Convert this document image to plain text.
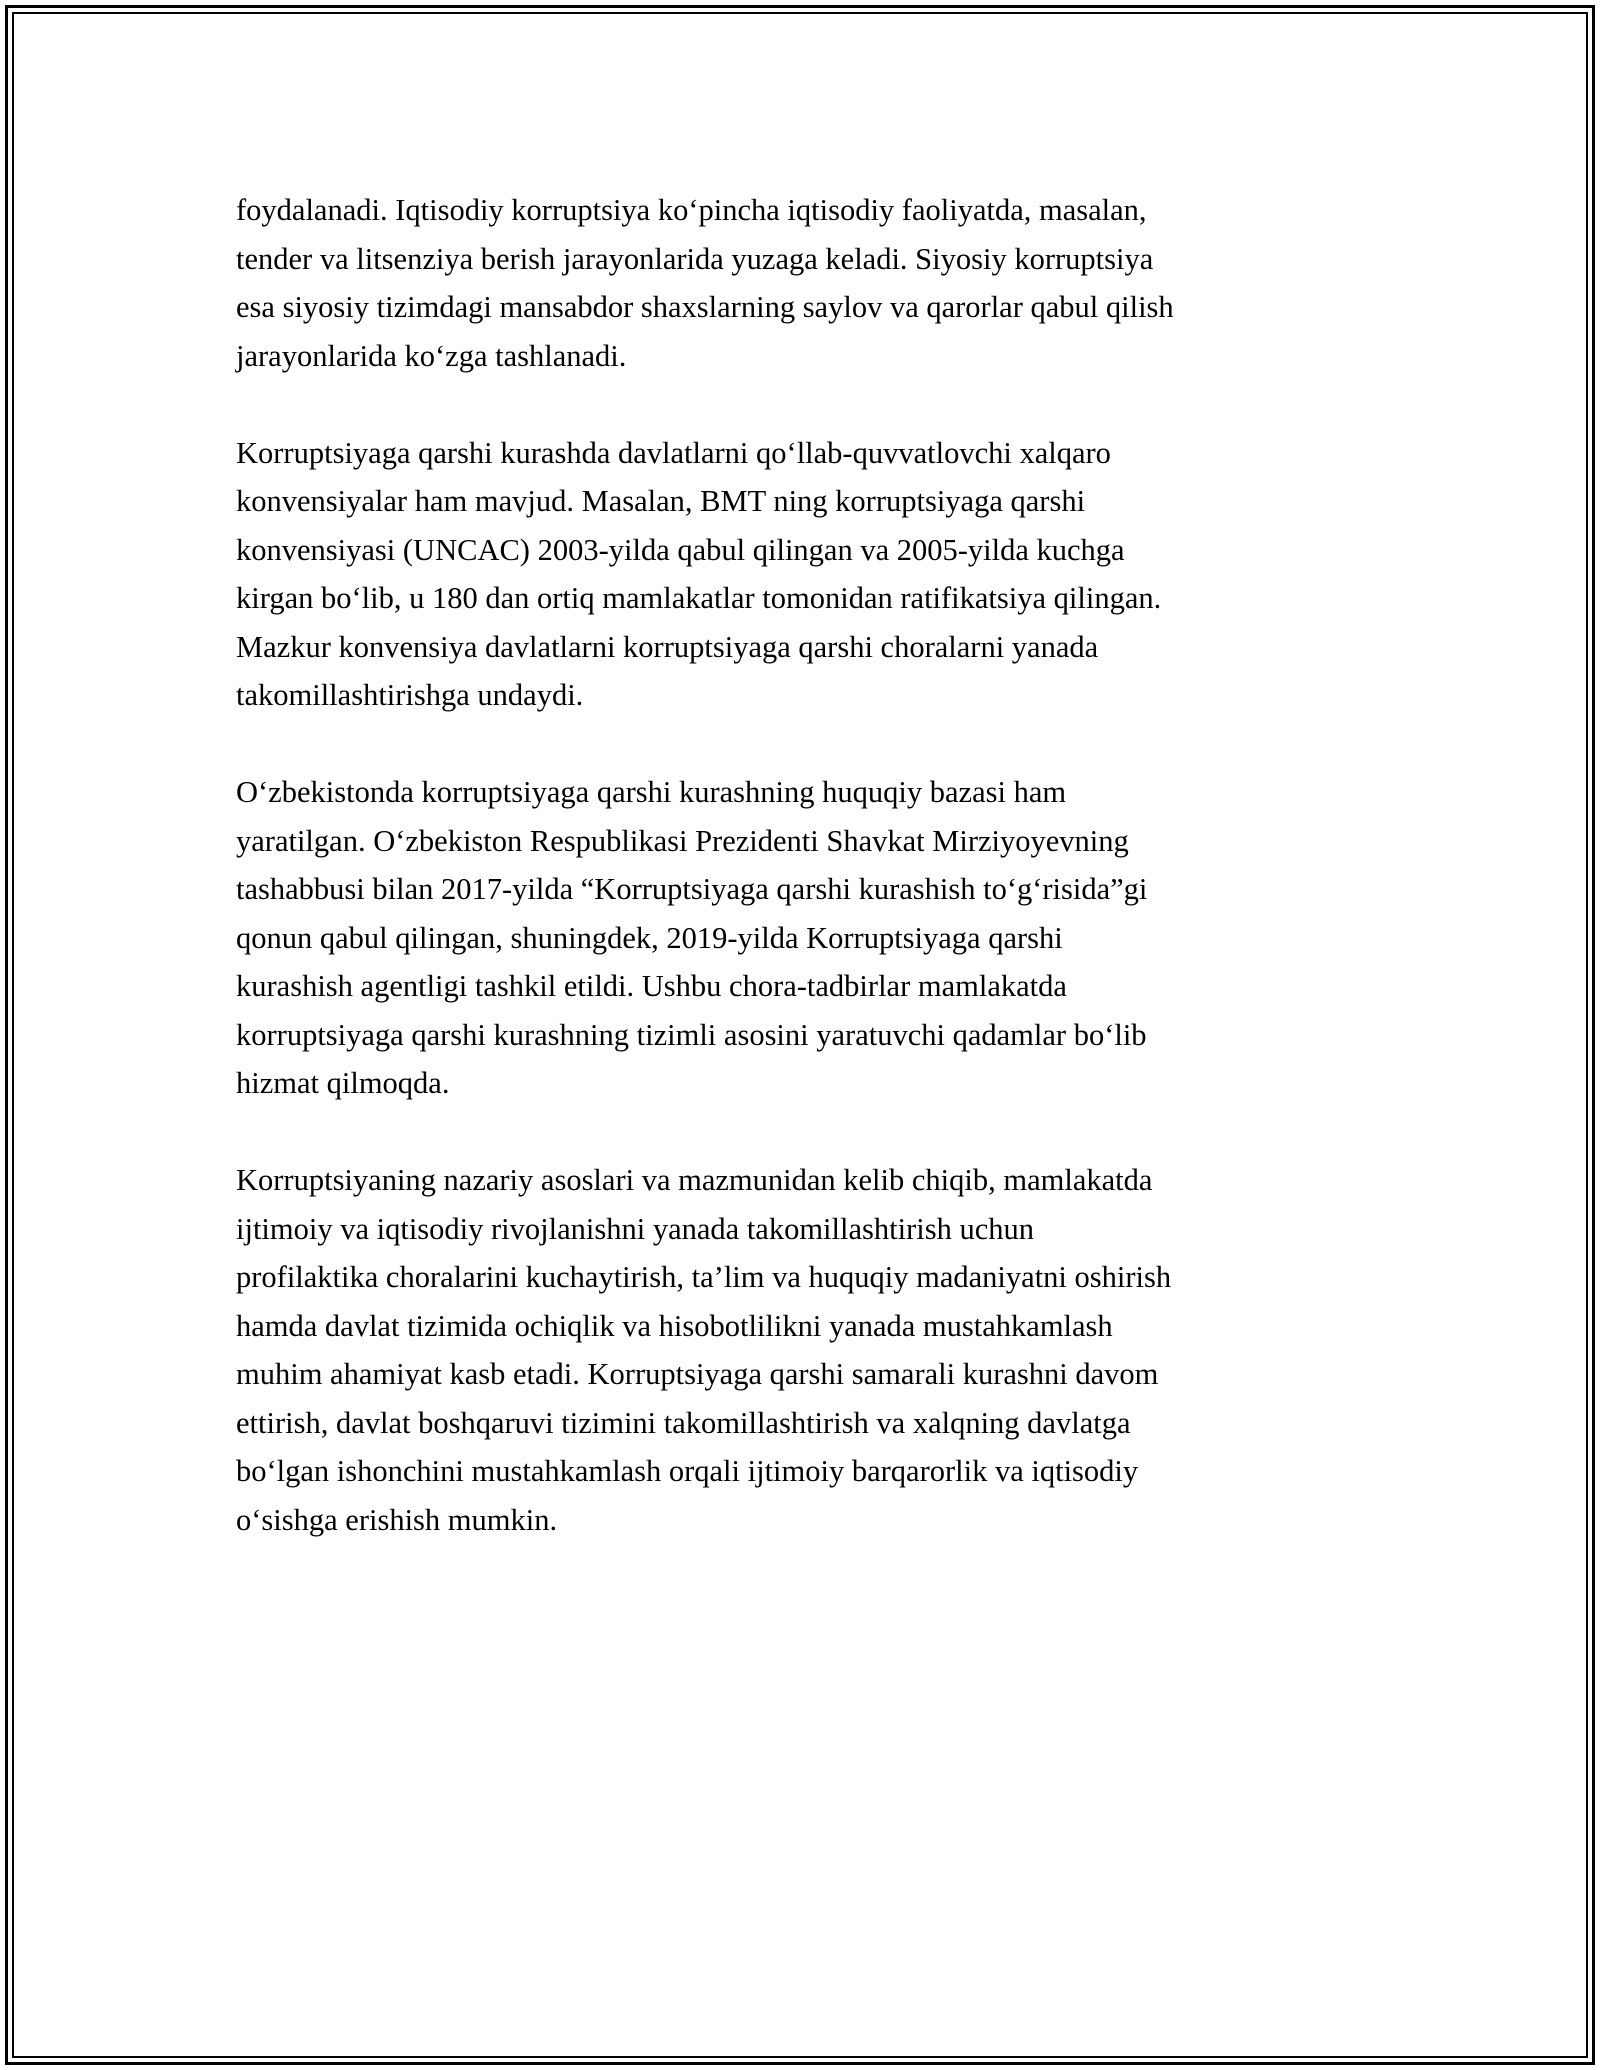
foydalanadi. Iqtisodiy korruptsiya ko‘pincha iqtisodiy faoliyatda, masalan,
tender va litsenziya berish jarayonlarida yuzaga keladi. Siyosiy korruptsiya
esa siyosiy tizimdagi mansabdor shaxslarning saylov va qarorlar qabul qilish
jarayonlarida ko‘zga tashlanadi.

Korruptsiyaga qarshi kurashda davlatlarni qo‘llab-quvvatlovchi xalqaro
konvensiyalar ham mavjud. Masalan, BMT ning korruptsiyaga qarshi
konvensiyasi (UNCAC) 2003-yilda qabul qilingan va 2005-yilda kuchga
kirgan bo‘lib, u 180 dan ortiq mamlakatlar tomonidan ratifikatsiya qilingan.
Mazkur konvensiya davlatlarni korruptsiyaga qarshi choralarni yanada
takomillashtirishga undaydi.

O‘zbekistonda korruptsiyaga qarshi kurashning huquqiy bazasi ham
yaratilgan. O‘zbekiston Respublikasi Prezidenti Shavkat Mirziyoyevning
tashabbusi bilan 2017-yilda “Korruptsiyaga qarshi kurashish to‘g‘risida”gi
qonun qabul qilingan, shuningdek, 2019-yilda Korruptsiyaga qarshi
kurashish agentligi tashkil etildi. Ushbu chora-tadbirlar mamlakatda
korruptsiyaga qarshi kurashning tizimli asosini yaratuvchi qadamlar bo‘lib
hizmat qilmoqda.

Korruptsiyaning nazariy asoslari va mazmunidan kelib chiqib, mamlakatda
ijtimoiy va iqtisodiy rivojlanishni yanada takomillashtirish uchun
profilaktika choralarini kuchaytirish, ta’lim va huquqiy madaniyatni oshirish
hamda davlat tizimida ochiqlik va hisobotlilikni yanada mustahkamlash
muhim ahamiyat kasb etadi. Korruptsiyaga qarshi samarali kurashni davom
ettirish, davlat boshqaruvi tizimini takomillashtirish va xalqning davlatga
bo‘lgan ishonchini mustahkamlash orqali ijtimoiy barqarorlik va iqtisodiy
o‘sishga erishish mumkin.
